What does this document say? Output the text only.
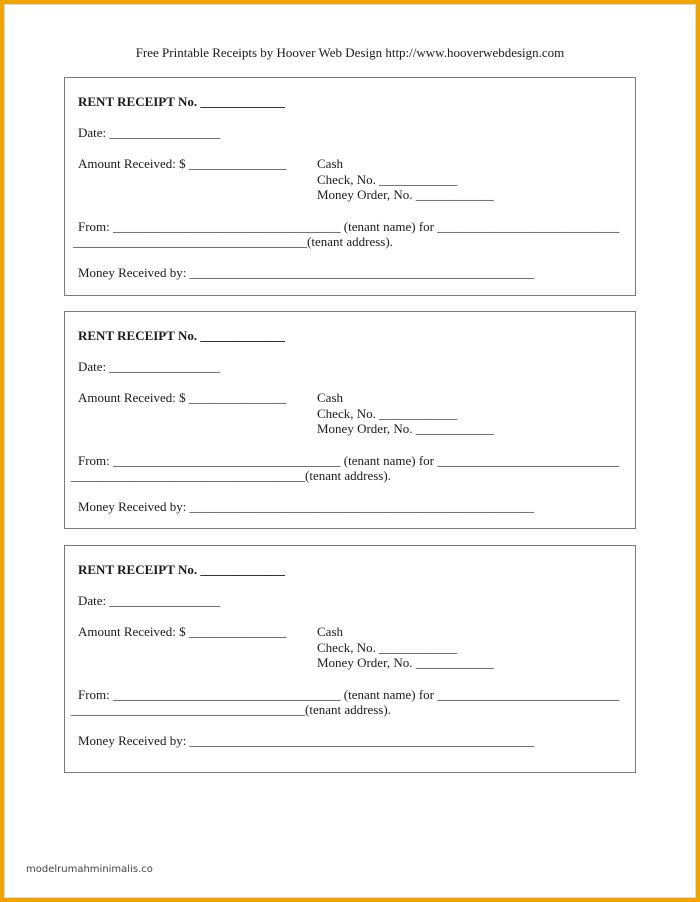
Free Printable Receipts by Hoover Web Design http://www.hooverwebdesign.com
RENT RECEIPT No. _____________
Date: _________________
Amount Received: $ _______________ Cash
Check, No. ____________
Money Order, No. ____________
From: ___________________________________ (tenant name) for ____________________________
____________________________________(tenant address).
Money Received by: _____________________________________________________
RENT RECEIPT No. _____________
Date: _________________
Amount Received: $ _______________ Cash
Check, No. ____________
Money Order, No. ____________
From: ___________________________________ (tenant name) for ____________________________
____________________________________(tenant address).
Money Received by: _____________________________________________________
RENT RECEIPT No. _____________
Date: _________________
Amount Received: $ _______________ Cash
Check, No. ____________
Money Order, No. ____________
From: ___________________________________ (tenant name) for ____________________________
____________________________________(tenant address).
Money Received by: _____________________________________________________
modelrumahminimalis.co
